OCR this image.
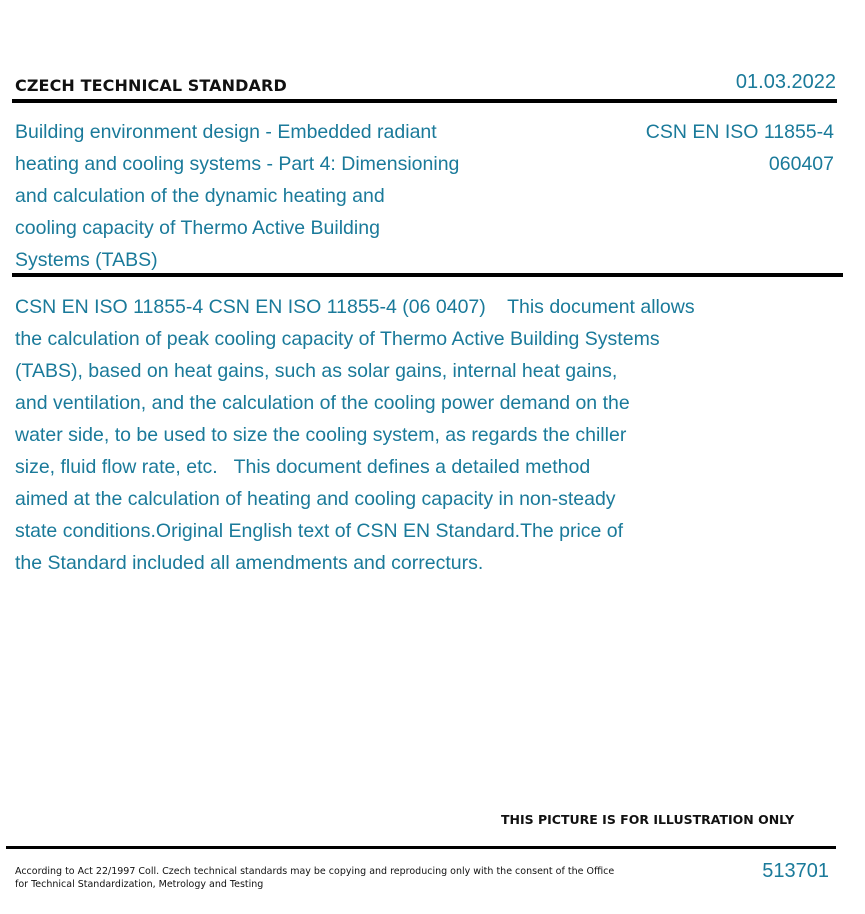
CZECH TECHNICAL STANDARD	01.03.2022
Building environment design - Embedded radiant
heating and cooling systems - Part 4: Dimensioning
and calculation of the dynamic heating and
cooling capacity of Thermo Active Building
Systems (TABS)
CSN EN ISO 11855-4
060407
CSN EN ISO 11855-4 CSN EN ISO 11855-4 (06 0407)    This document allows
the calculation of peak cooling capacity of Thermo Active Building Systems
(TABS), based on heat gains, such as solar gains, internal heat gains,
and ventilation, and the calculation of the cooling power demand on the
water side, to be used to size the cooling system, as regards the chiller
size, fluid flow rate, etc.   This document defines a detailed method
aimed at the calculation of heating and cooling capacity in non-steady
state conditions.Original English text of CSN EN Standard.The price of
the Standard included all amendments and correcturs.
THIS PICTURE IS FOR ILLUSTRATION ONLY
According to Act 22/1997 Coll. Czech technical standards may be copying and reproducing only with the consent of the Office
for Technical Standardization, Metrology and Testing
513701
